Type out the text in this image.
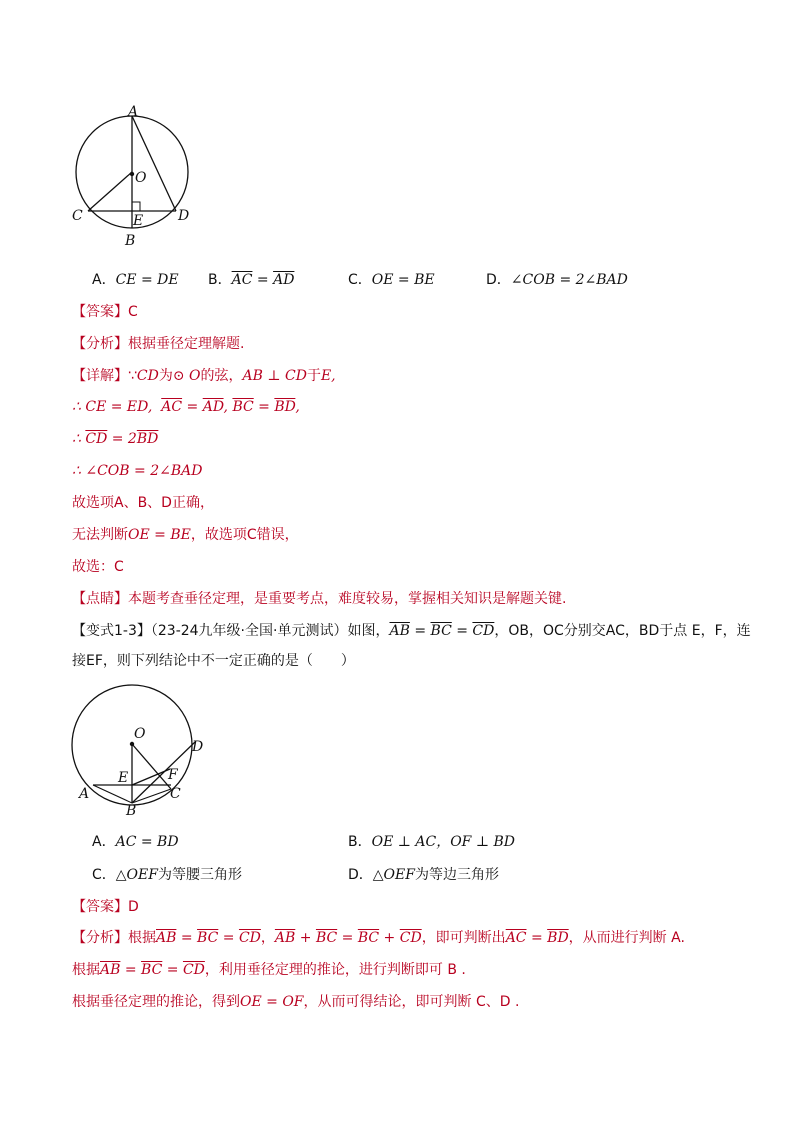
A
O
C	E D
B
A．CE = DE B．$\overline{AC} = \overline{AD}$	C．OE = BE	D．∠COB = 2∠BAD
【答案】C
【分析】根据垂径定理解题.
【详解】∵CD为⊙ O的弦，AB ⊥ CD于E,
∴ CE = ED, $\overline{AC} = \overline{AD}$, $\overline{BC} = \overline{BD}$,
∴ $\overline{CD} = 2\overline{BD}$
∴ ∠COB = 2∠BAD
故选项A、B、D正确，
无法判断OE = BE，故选项C错误，
故选：C
【点睛】本题考查垂径定理，是重要考点，难度较易，掌握相关知识是解题关键.
【变式1-3】（23-24九年级·全国·单元测试）如图，$\overline{AB} = \overline{BC} = \overline{CD}$，OB，OC分别交AC，BD于点 E，F，连
接EF，则下列结论中不一定正确的是（　　）
O
D
E	F
A	C
B
A．AC = BD	B．OE ⊥ AC，OF ⊥ BD
C．△OEF为等腰三角形	D．△OEF为等边三角形
【答案】D
【分析】根据$\overline{AB} = \overline{BC} = \overline{CD}$，$\overline{AB} + \overline{BC} = \overline{BC} + \overline{CD}$，即可判断出$\overline{AC} = \overline{BD}$，从而进行判断 A.
根据$\overline{AB} = \overline{BC} = \overline{CD}$，利用垂径定理的推论，进行判断即可 B .
根据垂径定理的推论，得到OE = OF，从而可得结论，即可判断 C、D .
